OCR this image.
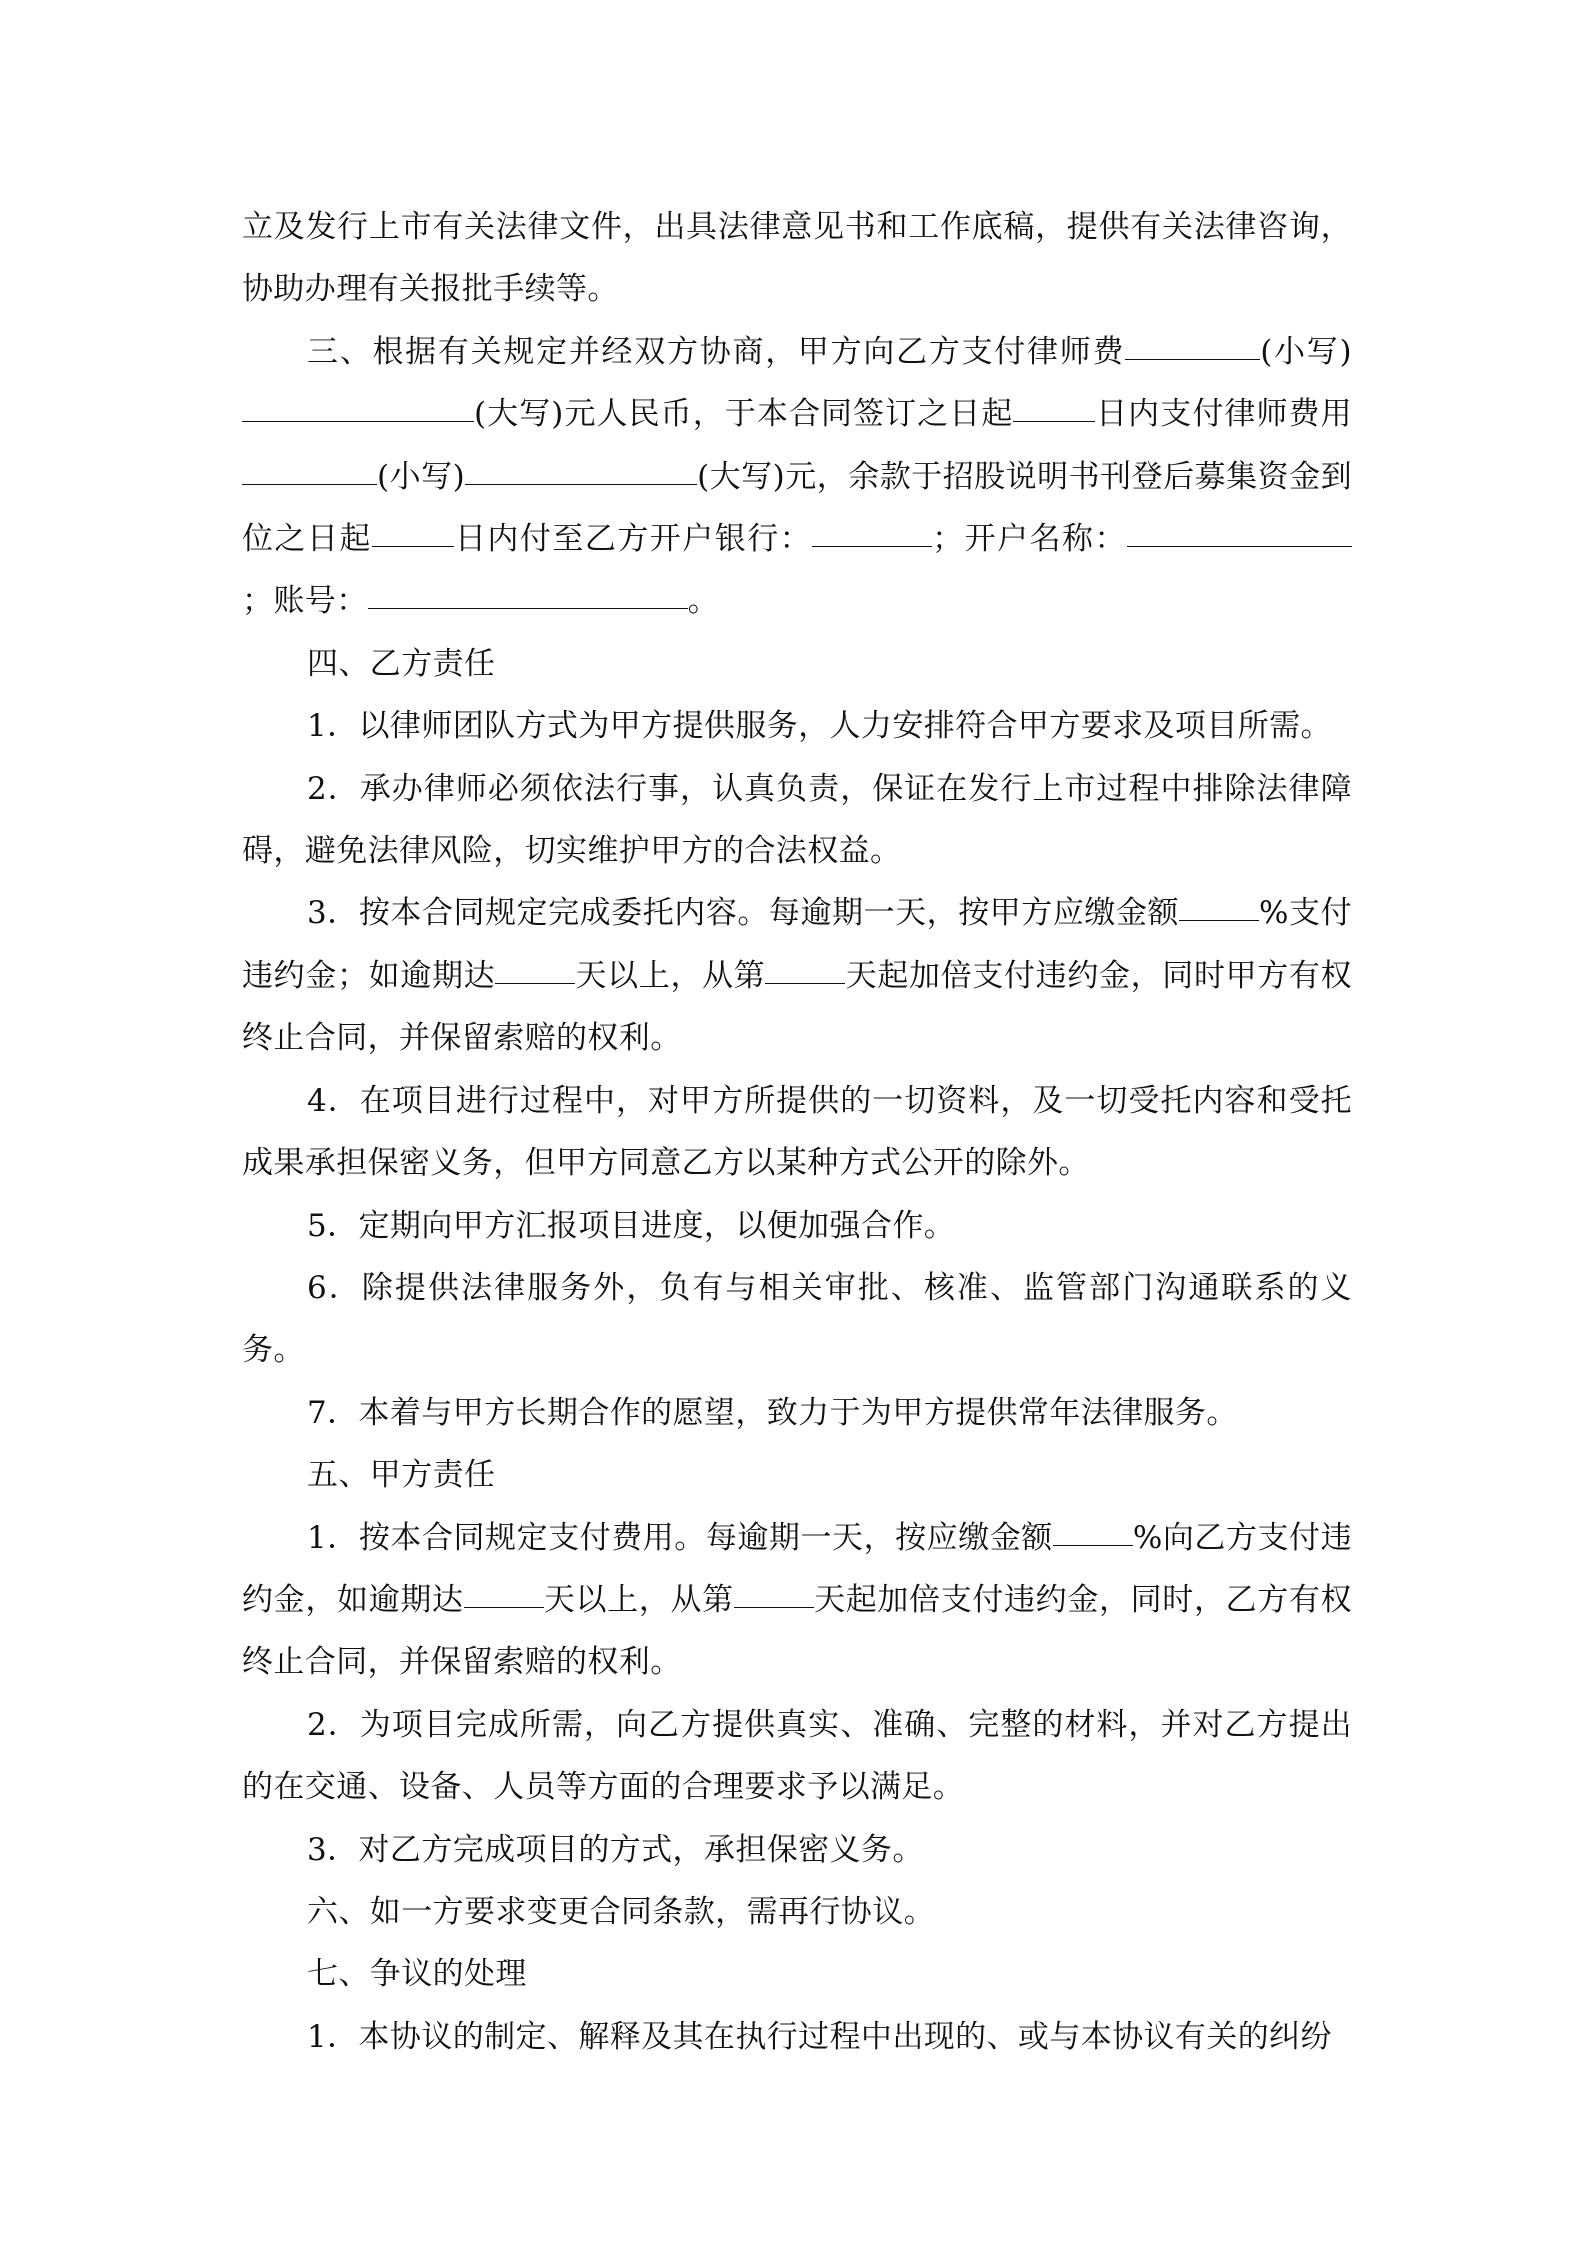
立及发行上市有关法律文件，出具法律意见书和工作底稿，提供有关法律咨询，协助办理有关报批手续等。

三、根据有关规定并经双方协商，甲方向乙方支付律师费	(小写)(大写)元人民币，于本合同签订之日起	日内支付律师费用(小写)	(大写)元，余款于招股说明书刊登后募集资金到位之日起	日内付至乙方开户银行：	；开户名称：；账号：	。

四、乙方责任

1．以律师团队方式为甲方提供服务，人力安排符合甲方要求及项目所需。

2．承办律师必须依法行事，认真负责，保证在发行上市过程中排除法律障碍，避免法律风险，切实维护甲方的合法权益。

3．按本合同规定完成委托内容。每逾期一天，按甲方应缴金额	%支付违约金；如逾期达	天以上，从第	天起加倍支付违约金，同时甲方有权终止合同，并保留索赔的权利。

4．在项目进行过程中，对甲方所提供的一切资料，及一切受托内容和受托成果承担保密义务，但甲方同意乙方以某种方式公开的除外。

5．定期向甲方汇报项目进度，以便加强合作。

6．除提供法律服务外，负有与相关审批、核准、监管部门沟通联系的义务。

7．本着与甲方长期合作的愿望，致力于为甲方提供常年法律服务。

五、甲方责任

1．按本合同规定支付费用。每逾期一天，按应缴金额	%向乙方支付违约金，如逾期达	天以上，从第	天起加倍支付违约金，同时，乙方有权终止合同，并保留索赔的权利。

2．为项目完成所需，向乙方提供真实、准确、完整的材料，并对乙方提出的在交通、设备、人员等方面的合理要求予以满足。

3．对乙方完成项目的方式，承担保密义务。

六、如一方要求变更合同条款，需再行协议。

七、争议的处理

1．本协议的制定、解释及其在执行过程中出现的、或与本协议有关的纠纷
